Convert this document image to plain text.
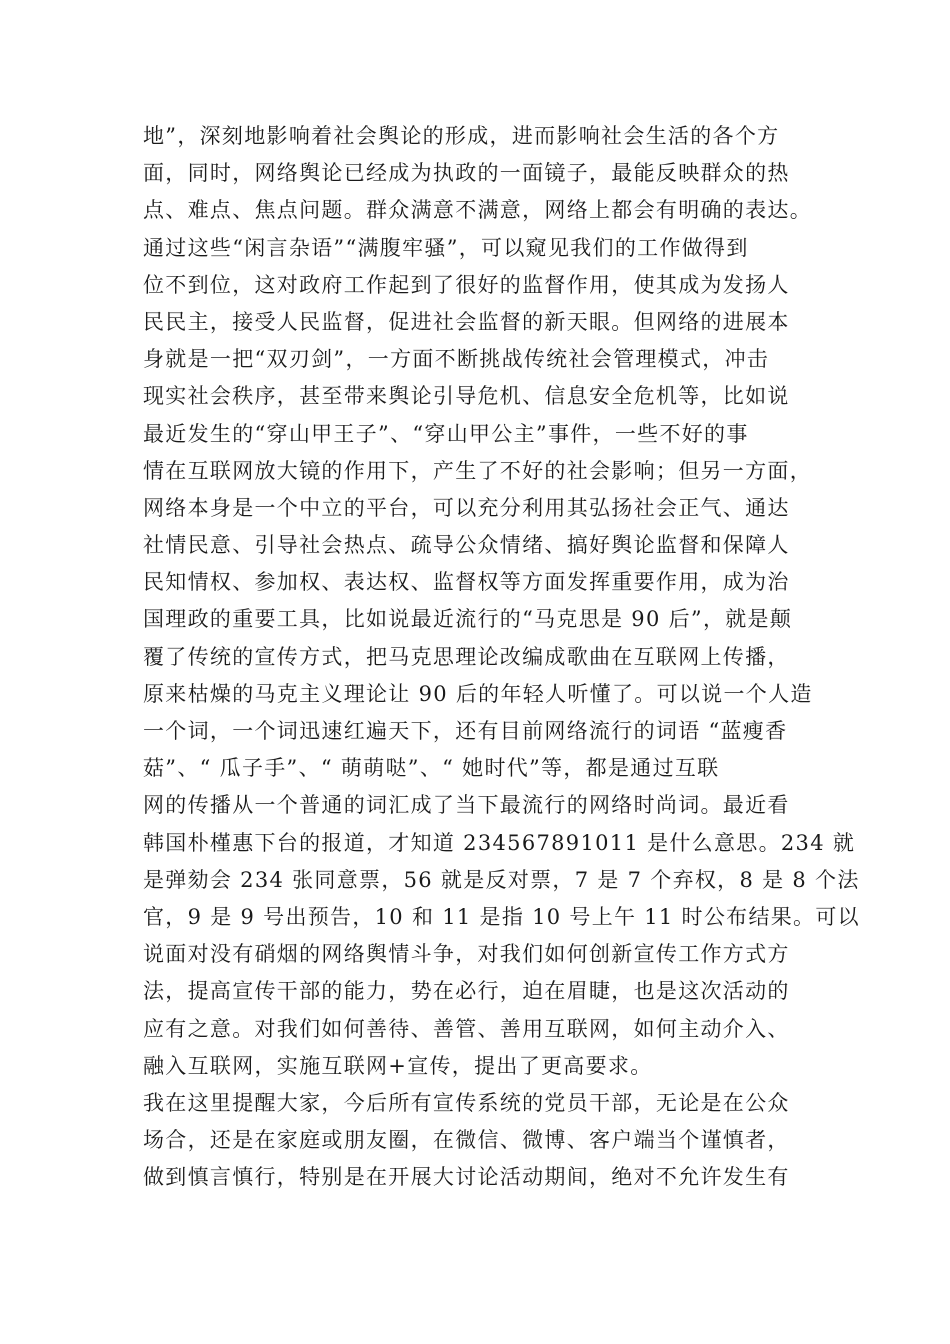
地”，深刻地影响着社会舆论的形成，进而影响社会生活的各个方
面，同时，网络舆论已经成为执政的一面镜子，最能反映群众的热
点、难点、焦点问题。群众满意不满意，网络上都会有明确的表达。
通过这些“闲言杂语”“满腹牢骚”，可以窥见我们的工作做得到
位不到位，这对政府工作起到了很好的监督作用，使其成为发扬人
民民主，接受人民监督，促进社会监督的新天眼。但网络的进展本
身就是一把“双刃剑”，一方面不断挑战传统社会管理模式，冲击
现实社会秩序，甚至带来舆论引导危机、信息安全危机等，比如说
最近发生的“穿山甲王子”、“穿山甲公主”事件，一些不好的事
情在互联网放大镜的作用下，产生了不好的社会影响；但另一方面，
网络本身是一个中立的平台，可以充分利用其弘扬社会正气、通达
社情民意、引导社会热点、疏导公众情绪、搞好舆论监督和保障人
民知情权、参加权、表达权、监督权等方面发挥重要作用，成为治
国理政的重要工具，比如说最近流行的“马克思是 90 后”，就是颠
覆了传统的宣传方式，把马克思理论改编成歌曲在互联网上传播，
原来枯燥的马克主义理论让 90 后的年轻人听懂了。可以说一个人造
一个词，一个词迅速红遍天下，还有目前网络流行的词语 “蓝瘦香
菇”、“ 瓜子手”、“ 萌萌哒”、“ 她时代”等，都是通过互联
网的传播从一个普通的词汇成了当下最流行的网络时尚词。最近看
韩国朴槿惠下台的报道，才知道 234567891011 是什么意思。234 就
是弹劾会 234 张同意票，56 就是反对票，7 是 7 个弃权，8 是 8 个法
官，9 是 9 号出预告，10 和 11 是指 10 号上午 11 时公布结果。可以
说面对没有硝烟的网络舆情斗争，对我们如何创新宣传工作方式方
法，提高宣传干部的能力，势在必行，迫在眉睫，也是这次活动的
应有之意。对我们如何善待、善管、善用互联网，如何主动介入、
融入互联网，实施互联网+宣传，提出了更高要求。
我在这里提醒大家，今后所有宣传系统的党员干部，无论是在公众
场合，还是在家庭或朋友圈，在微信、微博、客户端当个谨慎者，
做到慎言慎行，特别是在开展大讨论活动期间，绝对不允许发生有
